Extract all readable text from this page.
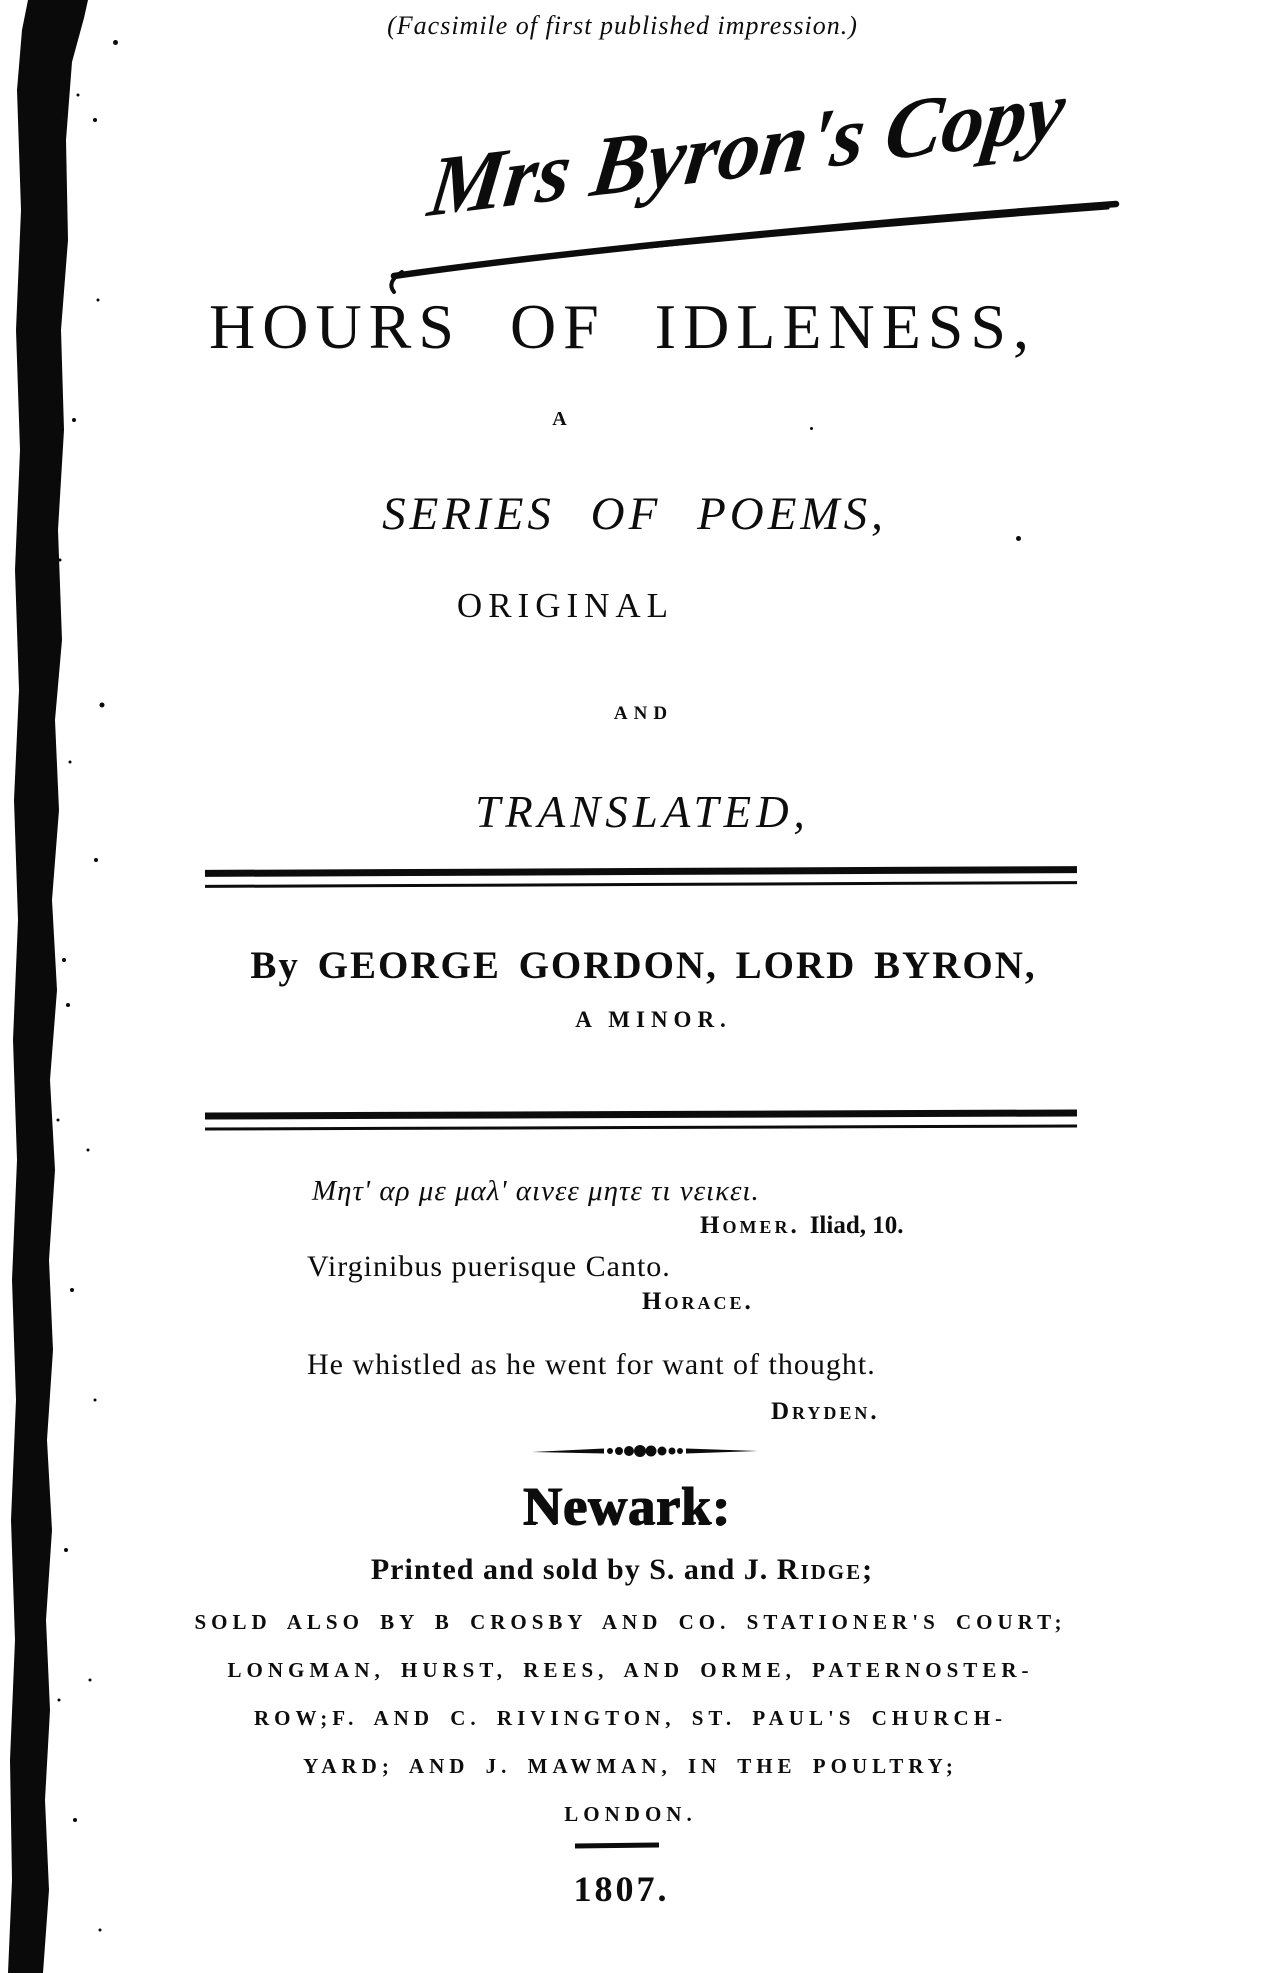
Mrs Byron's Copy
(Facsimile of first published impression.)
HOURS OF IDLENESS,
A
SERIES OF POEMS,
ORIGINAL
AND
TRANSLATED,
By GEORGE GORDON, LORD BYRON,
A MINOR.
Μητ' αρ με μαλ' αινεε μητε τι νεικει.
Homer. Iliad, 10.
Virginibus puerisque Canto.
Horace.
He whistled as he went for want of thought.
Dryden.
Newark:
Printed and sold by S. and J. Ridge;
SOLD ALSO BY B CROSBY AND CO. STATIONER'S COURT;
LONGMAN, HURST, REES, AND ORME, PATERNOSTER-
ROW;F. AND C. RIVINGTON, ST. PAUL'S CHURCH-
YARD; AND J. MAWMAN, IN THE POULTRY;
LONDON.
1807.
